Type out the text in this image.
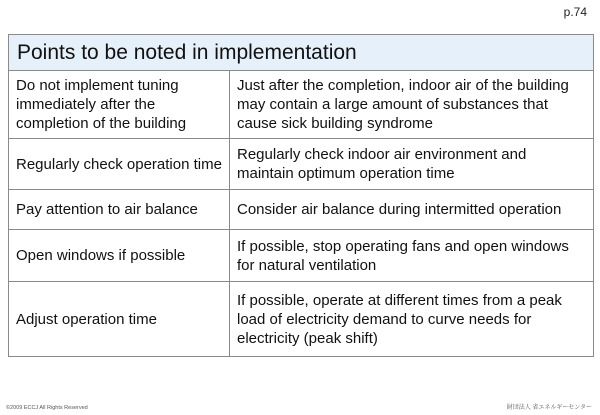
p.74
Points to be noted in implementation	
Do not implement tuning immediately after the completion of the building	Just after the completion, indoor air of the building may contain a large amount of substances that cause sick building syndrome
Regularly check operation time	Regularly check indoor air environment and maintain optimum operation time
Pay attention to air balance	Consider air balance during intermitted operation
Open windows if possible	If possible, stop operating fans and open windows for natural ventilation
Adjust operation time	If possible, operate at different times from a peak load of electricity demand to curve needs for electricity (peak shift)
©2009 ECCJ All Rights Reserved	財団法人 省エネルギーセンター
